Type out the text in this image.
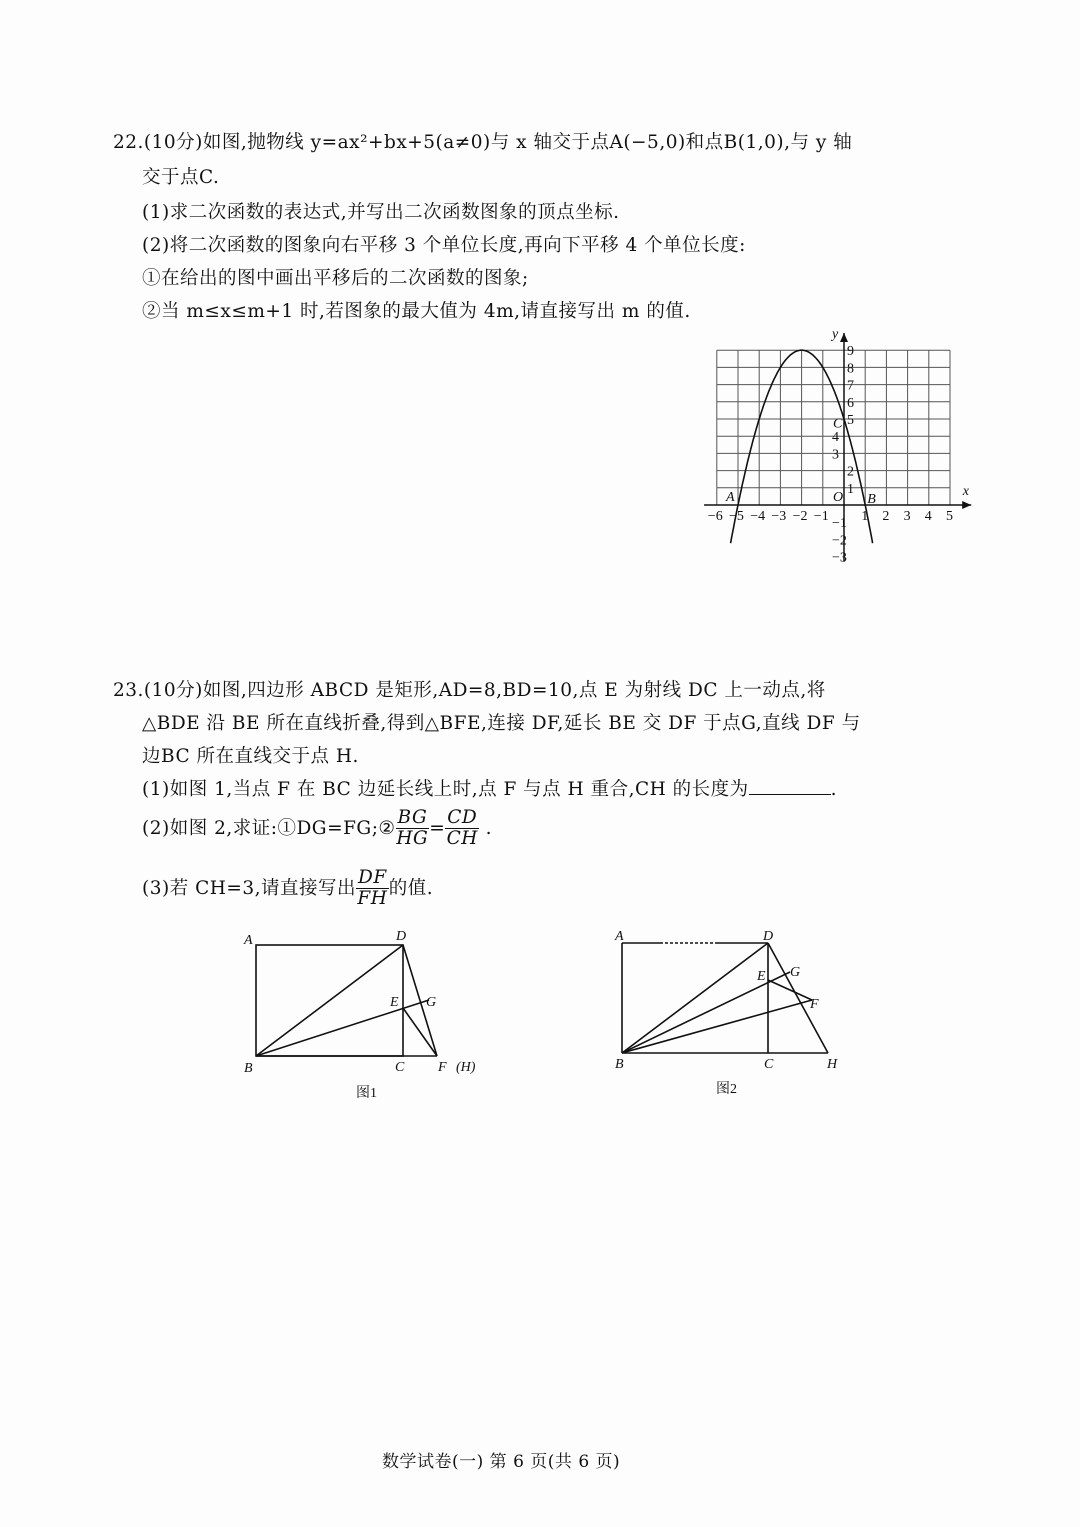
22.(10分)如图,抛物线 y=ax²+bx+5(a≠0)与 x 轴交于点A(−5,0)和点B(1,0),与 y 轴
交于点C.
(1)求二次函数的表达式,并写出二次函数图象的顶点坐标.
(2)将二次函数的图象向右平移 3 个单位长度,再向下平移 4 个单位长度:
①在给出的图中画出平移后的二次函数的图象;
②当 m≤x≤m+1 时,若图象的最大值为 4m,请直接写出 m 的值.
−6 −5 −4 −3 −2 −1 1 2 3 4 5
9
8
7
6
5
4
3
2
1
−1
−2
−3
x
y
O
A	B
C
23.(10分)如图,四边形 ABCD 是矩形,AD=8,BD=10,点 E 为射线 DC 上一动点,将
△BDE 沿 BE 所在直线折叠,得到△BFE,连接 DF,延长 BE 交 DF 于点G,直线 DF 与
边BC 所在直线交于点 H.
(1)如图 1,当点 F 在 BC 边延长线上时,点 F 与点 H 重合,CH 的长度为	.
(2)如图 2,求证:①DG=FG;② $\frac{BG}{HG} = \frac{CD}{CH}$ .
(3)若 CH=3,请直接写出 $\frac{DF}{FH}$ 的值.
A	D
B	C F (H)
E G
A	D
B	C	H
E G
F
图1	图2
数学试卷(一) 第 6 页(共 6 页)
